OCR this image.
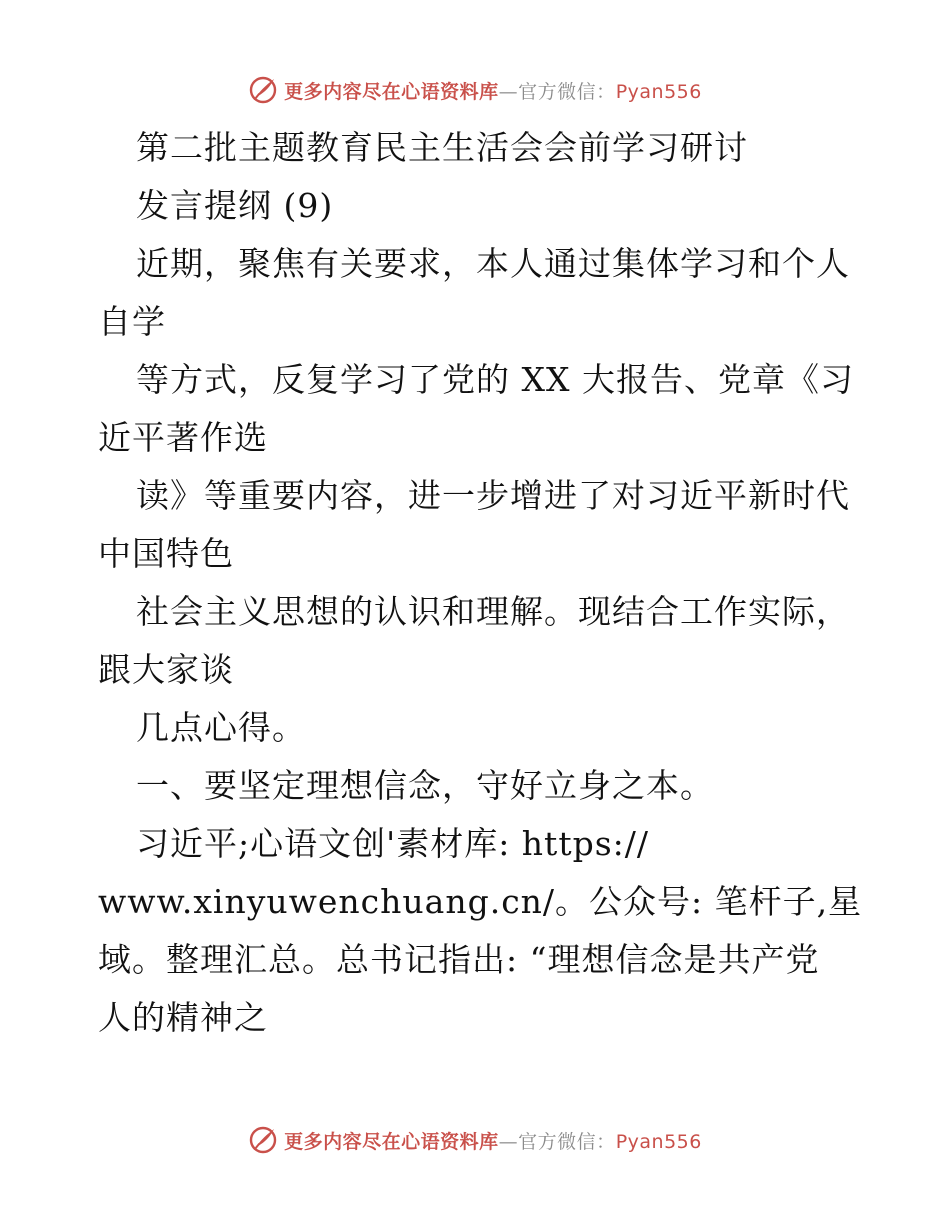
更多内容尽在心语资料库—官方微信：Pyan556
第二批主题教育民主生活会会前学习研讨
发言提纲 (9)
近期，聚焦有关要求，本人通过集体学习和个人
自学
等方式，反复学习了党的 XX 大报告、党章《习
近平著作选
读》等重要内容，进一步增进了对习近平新时代
中国特色
社会主义思想的认识和理解。现结合工作实际，
跟大家谈
几点心得。
一、要坚定理想信念，守好立身之本。
习近平;心语文创'素材库: https://
www.xinyuwenchuang.cn/。公众号: 笔杆子,星
域。整理汇总。总书记指出: “理想信念是共产党
人的精神之
更多内容尽在心语资料库—官方微信：Pyan556
